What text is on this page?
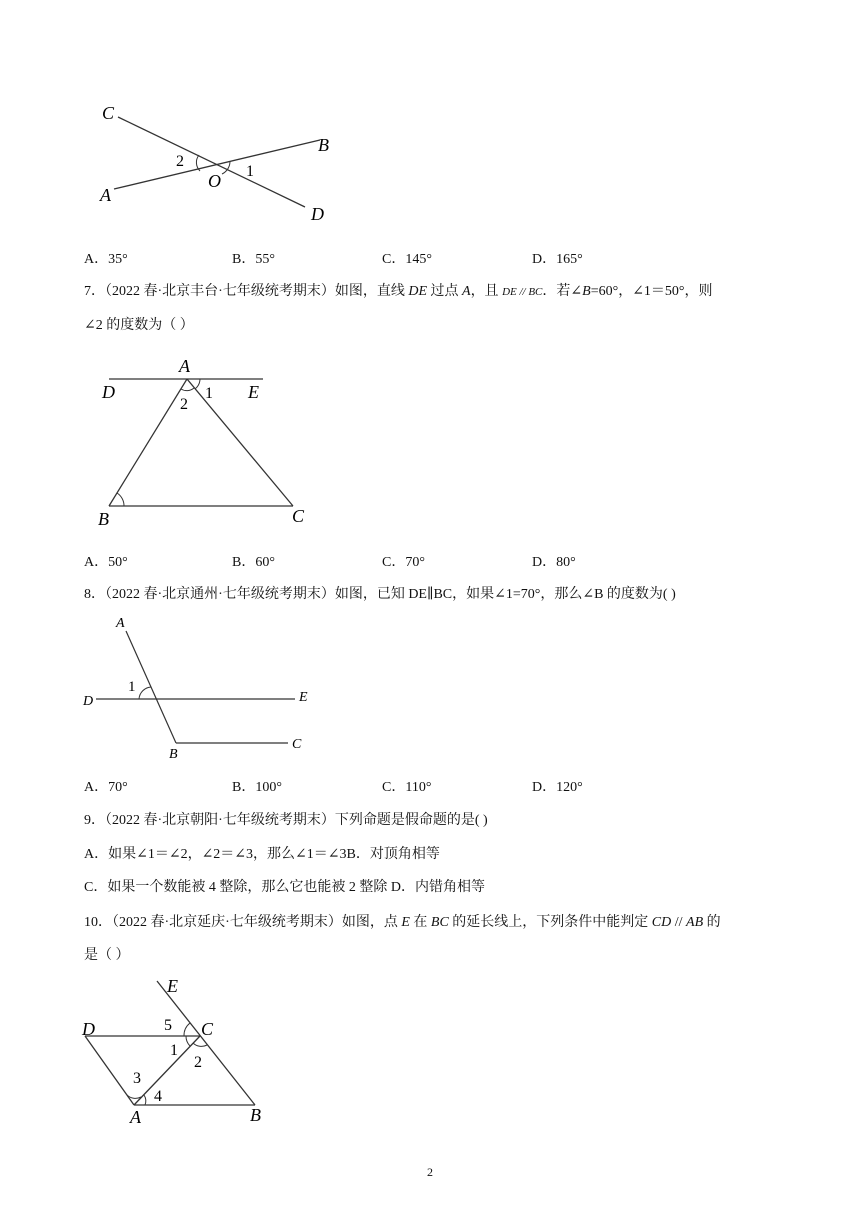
C
B
O
A
D
1
2
A．35°	B．55°	C．145°	D．165°
7．（2022 春·北京丰台·七年级统考期末）如图，直线 DE 过点 A，且 DE // BC．若∠B=60°，∠1＝50°，则
∠2 的度数为（ ）
A
D	E
2
1
B	C
A．50°	B．60°	C．70°	D．80°
8．（2022 春·北京通州·七年级统考期末）如图，已知 DE∥BC，如果∠1=70°，那么∠B 的度数为( )
A
D	E
1
B
C
A．70°	B．100°	C．110°	D．120°
9．（2022 春·北京朝阳·七年级统考期末）下列命题是假命题的是( )
A．如果∠1＝∠2，∠2＝∠3，那么∠1＝∠3B．对顶角相等
C．如果一个数能被 4 整除，那么它也能被 2 整除 D．内错角相等
10．（2022 春·北京延庆·七年级统考期末）如图，点 E 在 BC 的延长线上，下列条件中能判定 CD // AB 的
是（ ）
E
D	C
5
1
2
3
4
A	B
2
